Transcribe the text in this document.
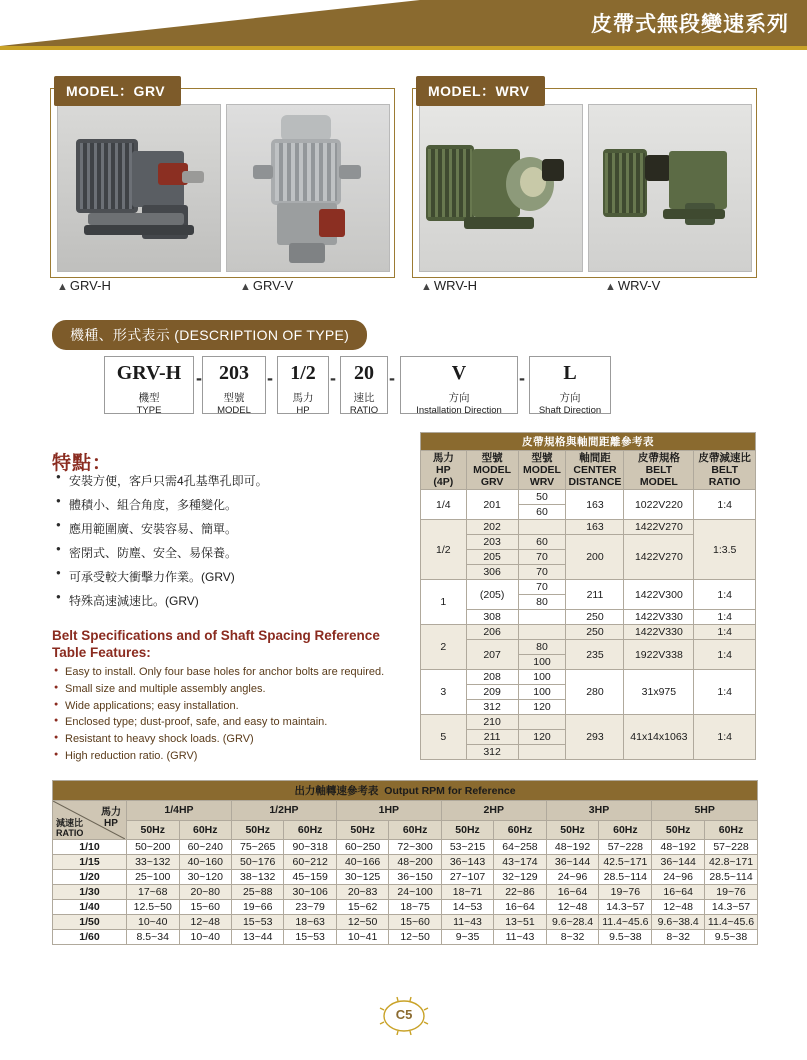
皮帶式無段變速系列
MODEL：GRV
▲ GRV-H	▲ GRV-V
MODEL：WRV
▲ WRV-H	▲ WRV-V
機種、形式表示 (DESCRIPTION OF TYPE)
GRV-H
機型
TYPE
- 203
型號
MODEL
- 1/2
馬力
HP
- 20
速比
RATIO
-	V
方向
Installation Direction
-	L
方向
Shaft Direction
特點：
● 安裝方便，客戶只需4孔基準孔即可。
● 體積小、組合角度，多種變化。
● 應用範圍廣、安裝容易、簡單。
● 密閉式、防塵、安全、易保養。
● 可承受較大衝擊力作業。(GRV)
● 特殊高速減速比。(GRV)
Belt Specifications and of Shaft Spacing Reference Table Features:
● Easy to install. Only four base holes for anchor bolts are required.
● Small size and multiple assembly angles.
● Wide applications; easy installation.
● Enclosed type; dust-proof, safe, and easy to maintain.
● Resistant to heavy shock loads. (GRV)
● High reduction ratio. (GRV)
皮帶規格與軸間距離參考表					

馬力
HP
(4P)

型號
MODEL
GRV

型號
MODEL
WRV

軸間距
CENTER
DISTANCE

皮帶規格
BELT
MODEL

皮帶減速比
BELT
RATIO

1/4	201	50	163	1022V220	1:4
		60			
1/2	202		163	1422V270	1:3.5
	203	60	200	1422V270	
	205	70			
	306	70			
1	(205)	70	211	1422V300	1:4
		80			
	308		250	1422V330	1:4
2	206		250	1422V330	1:4
	207	80	235	1922V338	1:4
		100			
3	208	100	280	31x975	1:4
	209	100			
	312	120			
5	210		293	41x14x1063	1:4
	211	120			
	312				
出力軸轉速參考表 Output RPM for Reference												

馬力
HP
減速比
RATIO	1/4HP		1/2HP		1HP		2HP		3HP		5HP	
	50Hz	60Hz	50Hz	60Hz	50Hz	60Hz	50Hz	60Hz	50Hz	60Hz	50Hz	60Hz
1/10	50~200	60~240	75~265	90~318	60~250	72~300	53~215	64~258	48~192	57~228	48~192	57~228
1/15	33~132	40~160	50~176	60~212	40~166	48~200	36~143	43~174	36~144	42.5~171	36~144	42.8~171
1/20	25~100	30~120	38~132	45~159	30~125	36~150	27~107	32~129	24~96	28.5~114	24~96	28.5~114
1/30	17~68	20~80	25~88	30~106	20~83	24~100	18~71	22~86	16~64	19~76	16~64	19~76
1/40	12.5~50	15~60	19~66	23~79	15~62	18~75	14~53	16~64	12~48	14.3~57	12~48	14.3~57
1/50	10~40	12~48	15~53	18~63	12~50	15~60	11~43	13~51	9.6~28.4	11.4~45.6	9.6~38.4	11.4~45.6
1/60	8.5~34	10~40	13~44	15~53	10~41	12~50	9~35	11~43	8~32	9.5~38	8~32	9.5~38
C5
